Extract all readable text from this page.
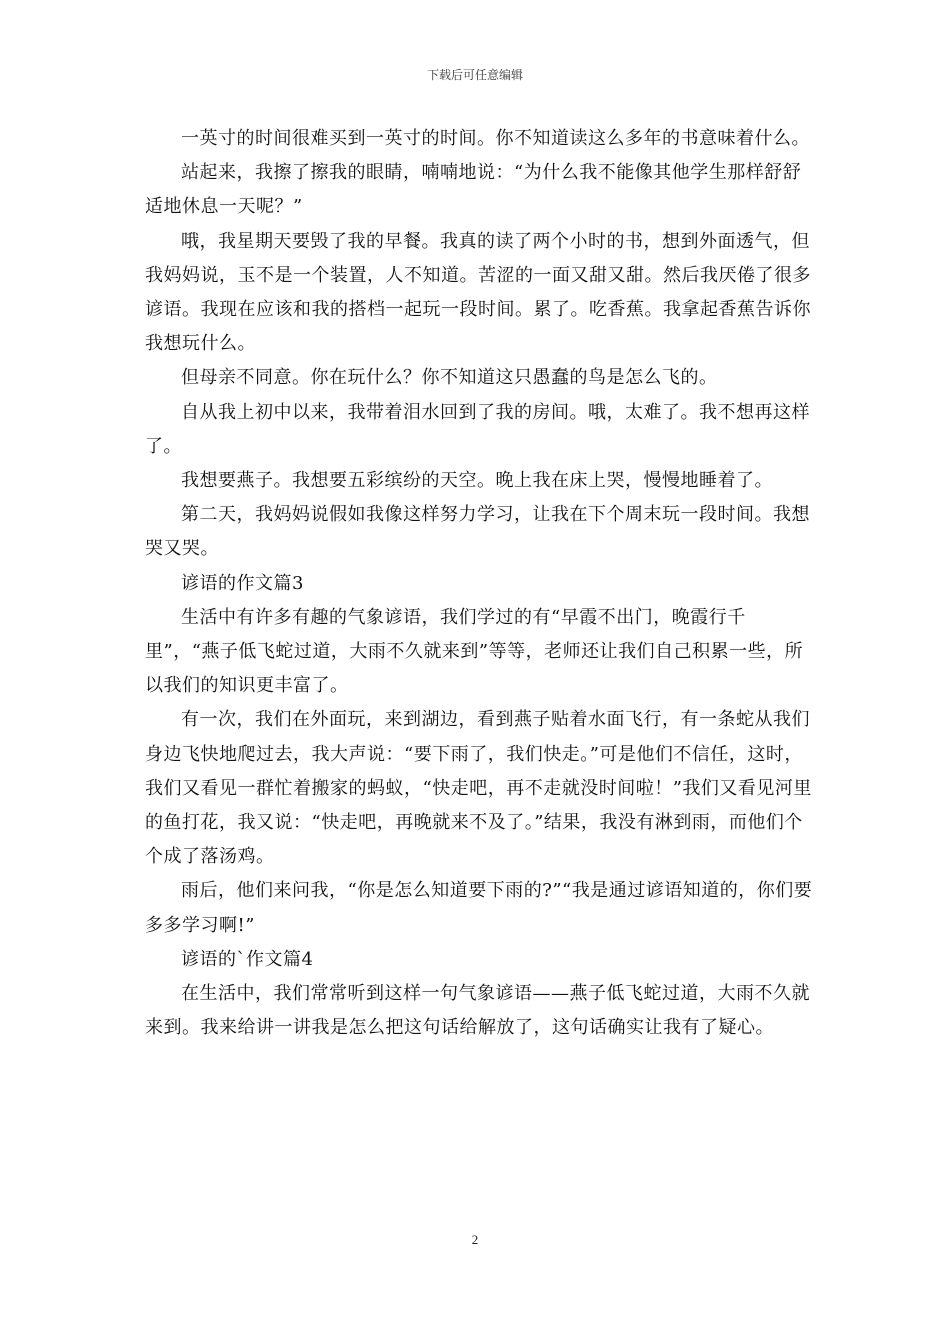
下载后可任意编辑

一英寸的时间很难买到一英寸的时间。你不知道读这么多年的书意味着什么。

站起来，我擦了擦我的眼睛，喃喃地说：“为什么我不能像其他学生那样舒舒适地休息一天呢？”

哦，我星期天要毁了我的早餐。我真的读了两个小时的书，想到外面透气，但我妈妈说，玉不是一个装置，人不知道。苦涩的一面又甜又甜。然后我厌倦了很多谚语。我现在应该和我的搭档一起玩一段时间。累了。吃香蕉。我拿起香蕉告诉你我想玩什么。

但母亲不同意。你在玩什么？你不知道这只愚蠢的鸟是怎么飞的。

自从我上初中以来，我带着泪水回到了我的房间。哦，太难了。我不想再这样了。

我想要燕子。我想要五彩缤纷的天空。晚上我在床上哭，慢慢地睡着了。

第二天，我妈妈说假如我像这样努力学习，让我在下个周末玩一段时间。我想哭又哭。

谚语的作文篇3

生活中有许多有趣的气象谚语，我们学过的有“早霞不出门，晚霞行千里”，“燕子低飞蛇过道，大雨不久就来到”等等，老师还让我们自己积累一些，所以我们的知识更丰富了。

有一次，我们在外面玩，来到湖边，看到燕子贴着水面飞行，有一条蛇从我们身边飞快地爬过去，我大声说：“要下雨了，我们快走。”可是他们不信任，这时，我们又看见一群忙着搬家的蚂蚁，“快走吧，再不走就没时间啦！”我们又看见河里的鱼打花，我又说：“快走吧，再晚就来不及了。”结果，我没有淋到雨，而他们个个成了落汤鸡。

雨后，他们来问我，“你是怎么知道要下雨的?”“我是通过谚语知道的，你们要多多学习啊!”

谚语的`作文篇4

在生活中，我们常常听到这样一句气象谚语——燕子低飞蛇过道，大雨不久就来到。我来给讲一讲我是怎么把这句话给解放了，这句话确实让我有了疑心。

2
